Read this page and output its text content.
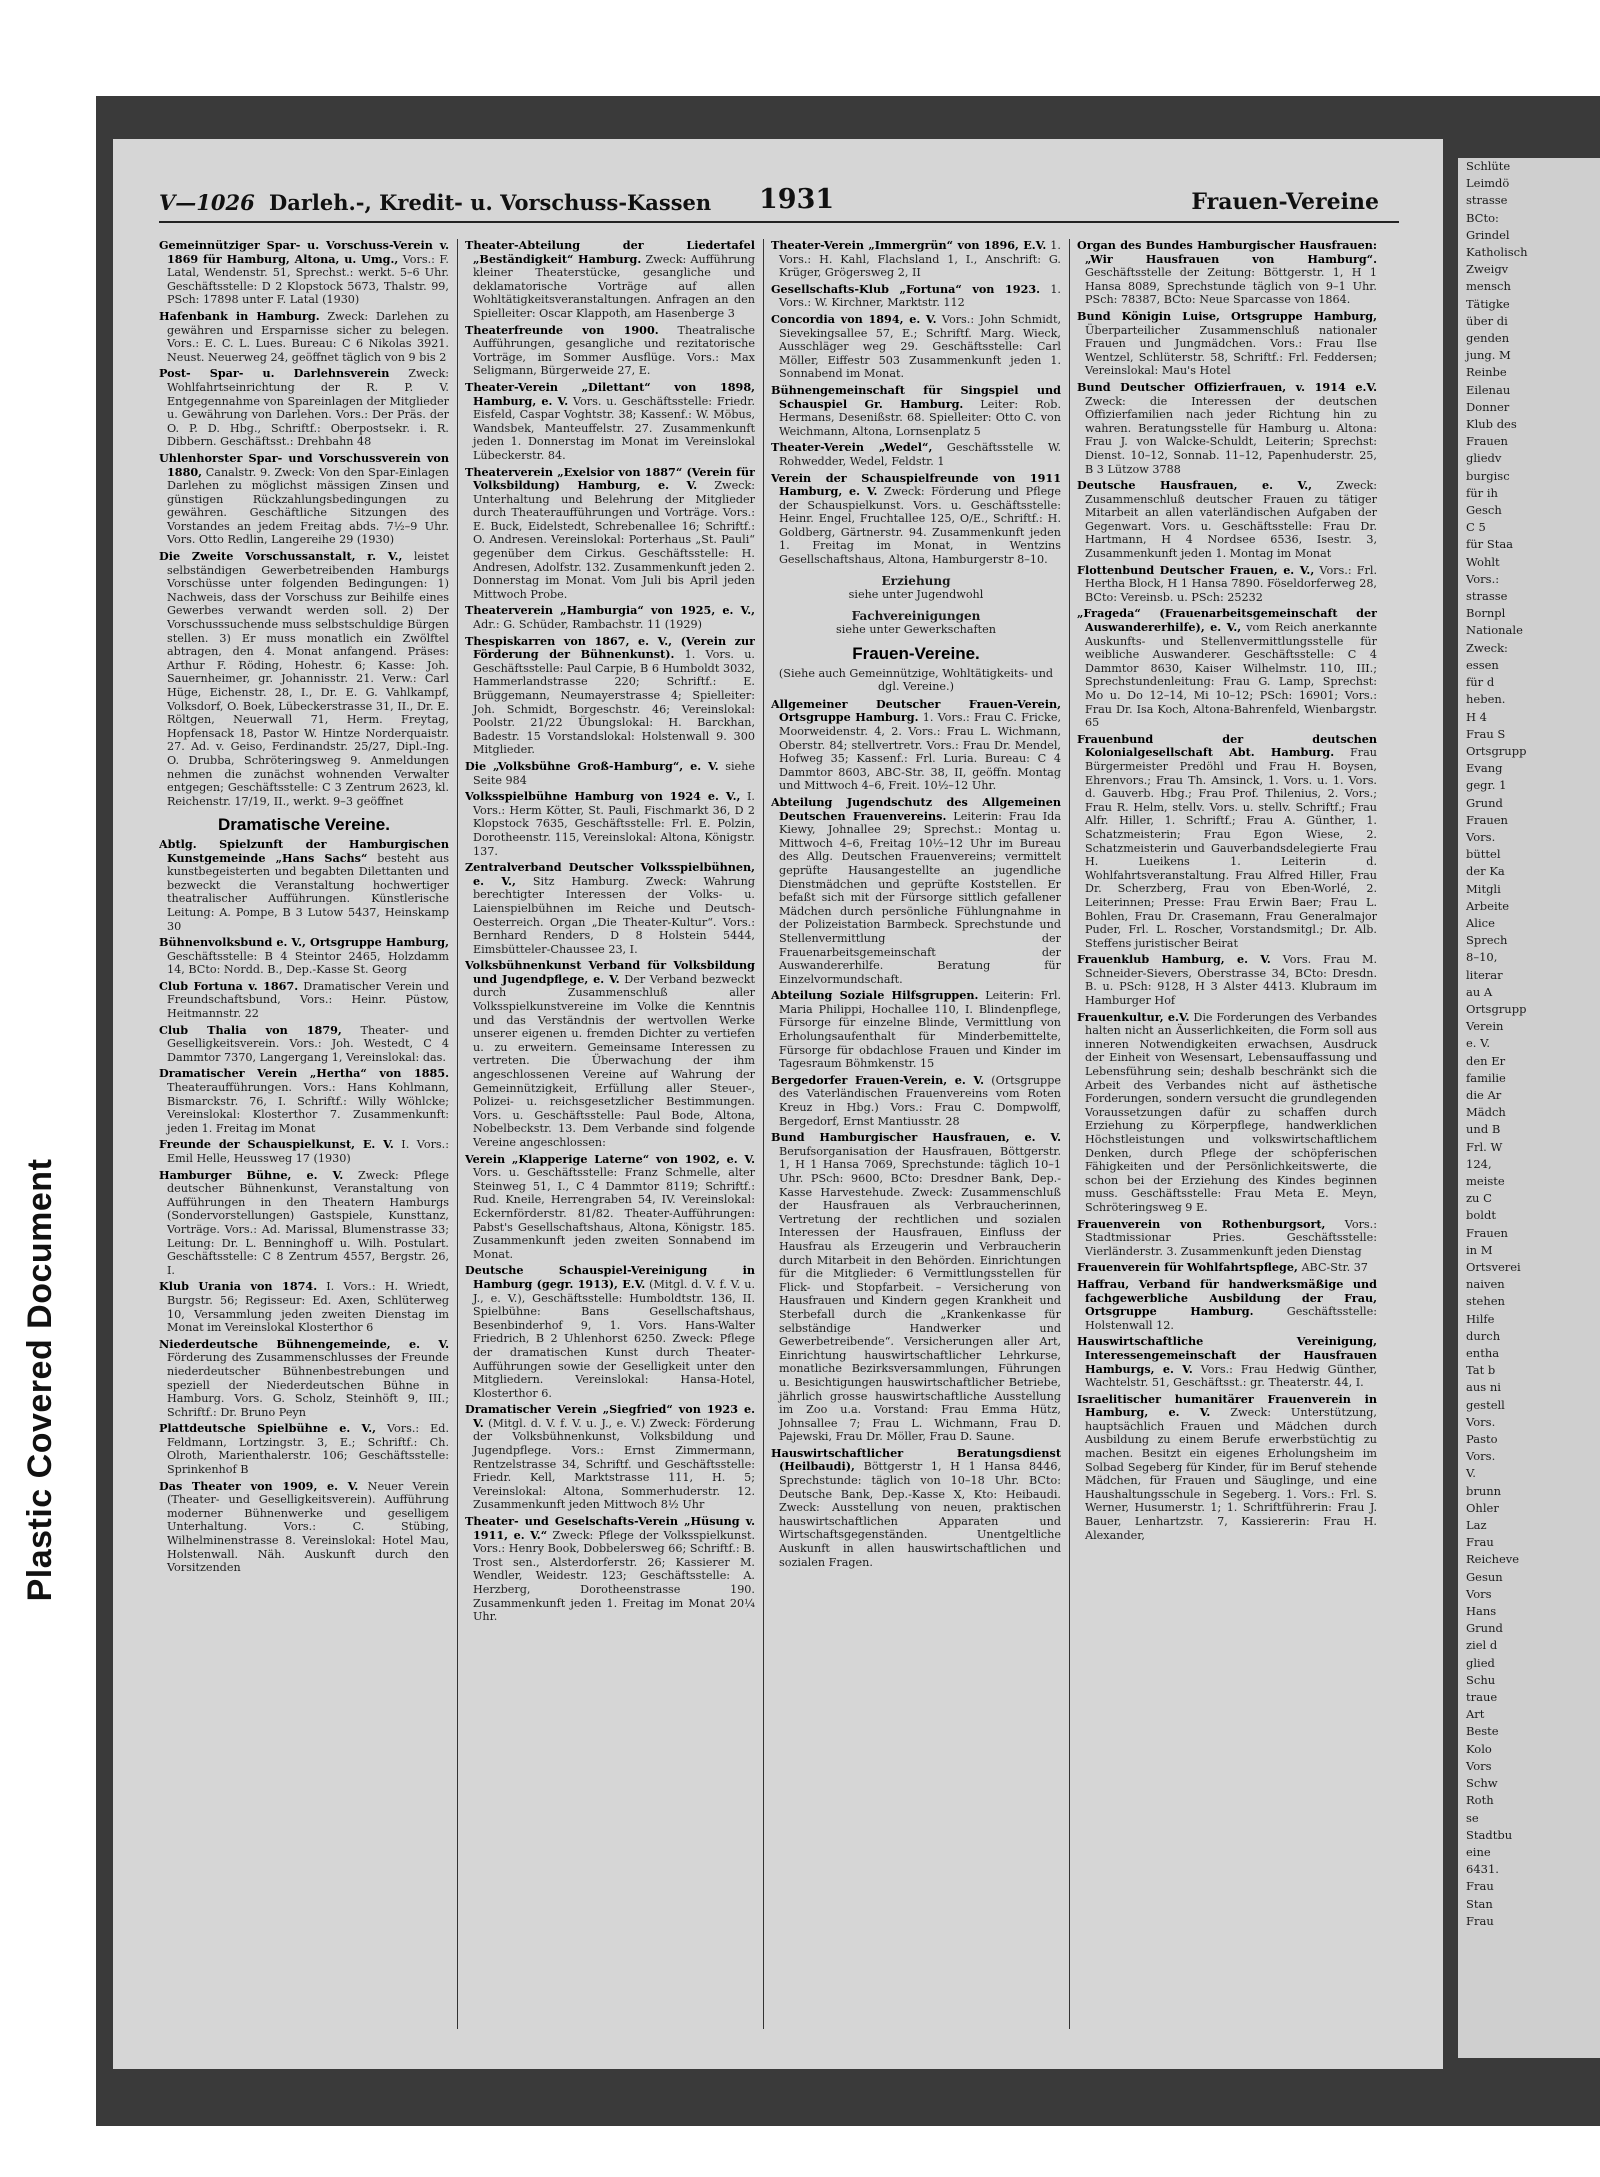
Plastic Covered Document
Schlüte
Leimdö
strasse
BCto:
Grindel
Katholisch
Zweigv
mensch
Tätigke
über di
genden
jung. M
Reinbe
Eilenau
Donner
Klub des
Frauen
gliedv
burgisc
für ih
Gesch
C 5
für Staa
Wohlt
Vors.:
strasse
Bornpl
Nationale
Zweck:
essen
für d
heben.
H 4
Frau S
Ortsgrupp
Evang
gegr. 1
Grund
Frauen
Vors.
büttel
der Ka
Mitgli
Arbeite
Alice
Sprech
8–10,
literar
au A
Ortsgrupp
Verein
e. V.
den Er
familie
die Ar
Mädch
und B
Frl. W
124,
meiste
zu C
boldt
Frauen
in M
Ortsverei
naiven
stehen
Hilfe
durch
entha
Tat b
aus ni
gestell
Vors.
Pasto
Vors.
V.
brunn
Ohler
Laz
Frau
Reicheve
Gesun
Vors
Hans
Grund
ziel d
glied
Schu
traue
Art
Beste
Kolo
Vors
Schw
Roth
se
Stadtbu
eine
6431.
Frau
Stan
Frau
V—1026 Darleh.-, Kredit- u. Vorschuss-Kassen 1931	Frauen-Vereine
Gemeinnütziger Spar- u. Vorschuss-Verein v. 1869 für Hamburg, Altona, u. Umg., Vors.: F. Latal, Wendenstr. 51, Sprechst.: werkt. 5–6 Uhr. Geschäftsstelle: D 2 Klopstock 5673, Thalstr. 99, PSch: 17898 unter F. Latal (1930)
Hafenbank in Hamburg. Zweck: Darlehen zu gewähren und Ersparnisse sicher zu belegen. Vors.: E. C. L. Lues. Bureau: C 6 Nikolas 3921. Neust. Neuerweg 24, geöffnet täglich von 9 bis 2
Post- Spar- u. Darlehnsverein Zweck: Wohlfahrtseinrichtung der R. P. V. Entgegennahme von Spareinlagen der Mitglieder u. Gewährung von Darlehen. Vors.: Der Präs. der O. P. D. Hbg., Schriftf.: Oberpostsekr. i. R. Dibbern. Geschäftsst.: Drehbahn 48
Uhlenhorster Spar- und Vorschussverein von 1880, Canalstr. 9. Zweck: Von den Spar-Einlagen Darlehen zu möglichst mässigen Zinsen und günstigen Rückzahlungsbedingungen zu gewähren. Geschäftliche Sitzungen des Vorstandes an jedem Freitag abds. 7½–9 Uhr. Vors. Otto Redlin, Langereihe 29 (1930)
Die Zweite Vorschussanstalt, r. V., leistet selbständigen Gewerbetreibenden Hamburgs Vorschüsse unter folgenden Bedingungen: 1) Nachweis, dass der Vorschuss zur Beihilfe eines Gewerbes verwandt werden soll. 2) Der Vorschusssuchende muss selbstschuldige Bürgen stellen. 3) Er muss monatlich ein Zwölftel abtragen, den 4. Monat anfangend. Präses: Arthur F. Röding, Hohestr. 6; Kasse: Joh. Sauernheimer, gr. Johannisstr. 21. Verw.: Carl Hüge, Eichenstr. 28, I., Dr. E. G. Vahlkampf, Volksdorf, O. Boek, Lübeckerstrasse 31, II., Dr. E. Röltgen, Neuerwall 71, Herm. Freytag, Hopfensack 18, Pastor W. Hintze Norderquaistr. 27. Ad. v. Geiso, Ferdinandstr. 25/27, Dipl.-Ing. O. Drubba, Schröteringsweg 9. Anmeldungen nehmen die zunächst wohnenden Verwalter entgegen; Geschäftsstelle: C 3 Zentrum 2623, kl. Reichenstr. 17/19, II., werkt. 9–3 geöffnet
Dramatische Vereine.
Abtlg. Spielzunft der Hamburgischen Kunstgemeinde „Hans Sachs“ besteht aus kunstbegeisterten und begabten Dilettanten und bezweckt die Veranstaltung hochwertiger theatralischer Aufführungen. Künstlerische Leitung: A. Pompe, B 3 Lutow 5437, Heinskamp 30
Bühnenvolksbund e. V., Ortsgruppe Hamburg, Geschäftsstelle: B 4 Steintor 2465, Holzdamm 14, BCto: Nordd. B., Dep.-Kasse St. Georg
Club Fortuna v. 1867. Dramatischer Verein und Freundschaftsbund, Vors.: Heinr. Püstow, Heitmannstr. 22
Club Thalia von 1879, Theater- und Geselligkeitsverein. Vors.: Joh. Westedt, C 4 Dammtor 7370, Langergang 1, Vereinslokal: das.
Dramatischer Verein „Hertha“ von 1885. Theateraufführungen. Vors.: Hans Kohlmann, Bismarckstr. 76, I. Schriftf.: Willy Wöhlcke; Vereinslokal: Klosterthor 7. Zusammenkunft: jeden 1. Freitag im Monat
Freunde der Schauspielkunst, E. V. I. Vors.: Emil Helle, Heussweg 17 (1930)
Hamburger Bühne, e. V. Zweck: Pflege deutscher Bühnenkunst, Veranstaltung von Aufführungen in den Theatern Hamburgs (Sondervorstellungen) Gastspiele, Kunsttanz, Vorträge. Vors.: Ad. Marissal, Blumenstrasse 33; Leitung: Dr. L. Benninghoff u. Wilh. Postulart. Geschäftsstelle: C 8 Zentrum 4557, Bergstr. 26, I.
Klub Urania von 1874. I. Vors.: H. Wriedt, Burgstr. 56; Regisseur: Ed. Axen, Schlüterweg 10, Versammlung jeden zweiten Dienstag im Monat im Vereinslokal Klosterthor 6
Niederdeutsche Bühnengemeinde, e. V. Förderung des Zusammenschlusses der Freunde niederdeutscher Bühnenbestrebungen und speziell der Niederdeutschen Bühne in Hamburg. Vors. G. Scholz, Steinhöft 9, III.; Schriftf.: Dr. Bruno Peyn
Plattdeutsche Spielbühne e. V., Vors.: Ed. Feldmann, Lortzingstr. 3, E.; Schriftf.: Ch. Olroth, Marienthalerstr. 106; Geschäftsstelle: Sprinkenhof B
Das Theater von 1909, e. V. Neuer Verein (Theater- und Geselligkeitsverein). Aufführung moderner Bühnenwerke und geselligem Unterhaltung. Vors.: C. Stübing, Wilhelminenstrasse 8. Vereinslokal: Hotel Mau, Holstenwall. Näh. Auskunft durch den Vorsitzenden
Theater-Abteilung der Liedertafel „Beständigkeit“ Hamburg. Zweck: Aufführung kleiner Theaterstücke, gesangliche und deklamatorische Vorträge auf allen Wohltätigkeitsveranstaltungen. Anfragen an den Spielleiter: Oscar Klappoth, am Hasenberge 3
Theaterfreunde von 1900. Theatralische Aufführungen, gesangliche und rezitatorische Vorträge, im Sommer Ausflüge. Vors.: Max Seligmann, Bürgerweide 27, E.
Theater-Verein „Dilettant“ von 1898, Hamburg, e. V. Vors. u. Geschäftsstelle: Friedr. Eisfeld, Caspar Voghtstr. 38; Kassenf.: W. Möbus, Wandsbek, Manteuffelstr. 27. Zusammenkunft jeden 1. Donnerstag im Monat im Vereinslokal Lübeckerstr. 84.
Theaterverein „Exelsior von 1887“ (Verein für Volksbildung) Hamburg, e. V. Zweck: Unterhaltung und Belehrung der Mitglieder durch Theateraufführungen und Vorträge. Vors.: E. Buck, Eidelstedt, Schrebenallee 16; Schriftf.: O. Andresen. Vereinslokal: Porterhaus „St. Pauli“ gegenüber dem Cirkus. Geschäftsstelle: H. Andresen, Adolfstr. 132. Zusammenkunft jeden 2. Donnerstag im Monat. Vom Juli bis April jeden Mittwoch Probe.
Theaterverein „Hamburgia“ von 1925, e. V., Adr.: G. Schüder, Rambachstr. 11 (1929)
Thespiskarren von 1867, e. V., (Verein zur Förderung der Bühnenkunst). 1. Vors. u. Geschäftsstelle: Paul Carpie, B 6 Humboldt 3032, Hammerlandstrasse 220; Schriftf.: E. Brüggemann, Neumayerstrasse 4; Spielleiter: Joh. Schmidt, Borgeschstr. 46; Vereinslokal: Poolstr. 21/22 Übungslokal: H. Barckhan, Badestr. 15 Vorstandslokal: Holstenwall 9. 300 Mitglieder.
Die „Volksbühne Groß-Hamburg“, e. V. siehe Seite 984
Volksspielbühne Hamburg von 1924 e. V., I. Vors.: Herm Kötter, St. Pauli, Fischmarkt 36, D 2 Klopstock 7635, Geschäftsstelle: Frl. E. Polzin, Dorotheenstr. 115, Vereinslokal: Altona, Königstr. 137.
Zentralverband Deutscher Volksspielbühnen, e. V., Sitz Hamburg. Zweck: Wahrung berechtigter Interessen der Volks- u. Laienspielbühnen im Reiche und Deutsch-Oesterreich. Organ „Die Theater-Kultur“. Vors.: Bernhard Renders, D 8 Holstein 5444, Eimsbütteler-Chaussee 23, I.
Volksbühnenkunst Verband für Volksbildung und Jugendpflege, e. V. Der Verband bezweckt durch Zusammenschluß aller Volksspielkunstvereine im Volke die Kenntnis und das Verständnis der wertvollen Werke unserer eigenen u. fremden Dichter zu vertiefen u. zu erweitern. Gemeinsame Interessen zu vertreten. Die Überwachung der ihm angeschlossenen Vereine auf Wahrung der Gemeinnützigkeit, Erfüllung aller Steuer-, Polizei- u. reichsgesetzlicher Bestimmungen. Vors. u. Geschäftsstelle: Paul Bode, Altona, Nobelbeckstr. 13. Dem Verbande sind folgende Vereine angeschlossen:
Verein „Klapperige Laterne“ von 1902, e. V. Vors. u. Geschäftsstelle: Franz Schmelle, alter Steinweg 51, I., C 4 Dammtor 8119; Schriftf.: Rud. Kneile, Herrengraben 54, IV. Vereinslokal: Eckernförderstr. 81/82. Theater-Aufführungen: Pabst's Gesellschaftshaus, Altona, Königstr. 185. Zusammenkunft jeden zweiten Sonnabend im Monat.
Deutsche Schauspiel-Vereinigung in Hamburg (gegr. 1913), E.V. (Mitgl. d. V. f. V. u. J., e. V.), Geschäftsstelle: Humboldtstr. 136, II. Spielbühne: Bans Gesellschaftshaus, Besenbinderhof 9, 1. Vors. Hans-Walter Friedrich, B 2 Uhlenhorst 6250. Zweck: Pflege der dramatischen Kunst durch Theater-Aufführungen sowie der Geselligkeit unter den Mitgliedern. Vereinslokal: Hansa-Hotel, Klosterthor 6.
Dramatischer Verein „Siegfried“ von 1923 e. V. (Mitgl. d. V. f. V. u. J., e. V.) Zweck: Förderung der Volksbühnenkunst, Volksbildung und Jugendpflege. Vors.: Ernst Zimmermann, Rentzelstrasse 34, Schriftf. und Geschäftsstelle: Friedr. Kell, Marktstrasse 111, H. 5; Vereinslokal: Altona, Sommerhuderstr. 12. Zusammenkunft jeden Mittwoch 8½ Uhr
Theater- und Geselschafts-Verein „Hüsung v. 1911, e. V.“ Zweck: Pflege der Volksspielkunst. Vors.: Henry Book, Dobbelersweg 66; Schriftf.: B. Trost sen., Alsterdorferstr. 26; Kassierer M. Wendler, Weidestr. 123; Geschäftsstelle: A. Herzberg, Dorotheenstrasse 190. Zusammenkunft jeden 1. Freitag im Monat 20¼ Uhr.
Theater-Verein „Immergrün“ von 1896, E.V. 1. Vors.: H. Kahl, Flachsland 1, I., Anschrift: G. Krüger, Grögersweg 2, II
Gesellschafts-Klub „Fortuna“ von 1923. 1. Vors.: W. Kirchner, Marktstr. 112
Concordia von 1894, e. V. Vors.: John Schmidt, Sievekingsallee 57, E.; Schriftf. Marg. Wieck, Ausschläger weg 29. Geschäftsstelle: Carl Möller, Eiffestr 503 Zusammenkunft jeden 1. Sonnabend im Monat.
Bühnengemeinschaft für Singspiel und Schauspiel Gr. Hamburg. Leiter: Rob. Hermans, Desenißstr. 68. Spielleiter: Otto C. von Weichmann, Altona, Lornsenplatz 5
Theater-Verein „Wedel“, Geschäftsstelle W. Rohwedder, Wedel, Feldstr. 1
Verein der Schauspielfreunde von 1911 Hamburg, e. V. Zweck: Förderung und Pflege der Schauspielkunst. Vors. u. Geschäftsstelle: Heinr. Engel, Fruchtallee 125, O/E., Schriftf.: H. Goldberg, Gärtnerstr. 94. Zusammenkunft jeden 1. Freitag im Monat, in Wentzins Gesellschaftshaus, Altona, Hamburgerstr 8–10.
Erziehung
siehe unter Jugendwohl
Fachvereinigungen
siehe unter Gewerkschaften
Frauen-Vereine.
(Siehe auch Gemeinnützige, Wohltätigkeits- und dgl. Vereine.)
Allgemeiner Deutscher Frauen-Verein, Ortsgruppe Hamburg. 1. Vors.: Frau C. Fricke, Moorweidenstr. 4, 2. Vors.: Frau L. Wichmann, Oberstr. 84; stellvertretr. Vors.: Frau Dr. Mendel, Hofweg 35; Kassenf.: Frl. Luria. Bureau: C 4 Dammtor 8603, ABC-Str. 38, II, geöffn. Montag und Mittwoch 4–6, Freit. 10½–12 Uhr.
Abteilung Jugendschutz des Allgemeinen Deutschen Frauenvereins. Leiterin: Frau Ida Kiewy, Johnallee 29; Sprechst.: Montag u. Mittwoch 4–6, Freitag 10½–12 Uhr im Bureau des Allg. Deutschen Frauenvereins; vermittelt geprüfte Hausangestellte an jugendliche Dienstmädchen und geprüfte Koststellen. Er befaßt sich mit der Fürsorge sittlich gefallener Mädchen durch persönliche Fühlungnahme in der Polizeistation Barmbeck. Sprechstunde und Stellenvermittlung der Frauenarbeitsgemeinschaft der Auswandererhilfe. Beratung für Einzelvormundschaft.
Abteilung Soziale Hilfsgruppen. Leiterin: Frl. Maria Philippi, Hochallee 110, I. Blindenpflege, Fürsorge für einzelne Blinde, Vermittlung von Erholungsaufenthalt für Minderbemittelte, Fürsorge für obdachlose Frauen und Kinder im Tagesraum Böhmkenstr. 15
Bergedorfer Frauen-Verein, e. V. (Ortsgruppe des Vaterländischen Frauenvereins vom Roten Kreuz in Hbg.) Vors.: Frau C. Dompwolff, Bergedorf, Ernst Mantiusstr. 28
Bund Hamburgischer Hausfrauen, e. V. Berufsorganisation der Hausfrauen, Böttgerstr. 1, H 1 Hansa 7069, Sprechstunde: täglich 10–1 Uhr. PSch: 9600, BCto: Dresdner Bank, Dep.-Kasse Harvestehude. Zweck: Zusammenschluß der Hausfrauen als Verbraucherinnen, Vertretung der rechtlichen und sozialen Interessen der Hausfrauen, Einfluss der Hausfrau als Erzeugerin und Verbraucherin durch Mitarbeit in den Behörden. Einrichtungen für die Mitglieder: 6 Vermittlungsstellen für Flick- und Stopfarbeit. – Versicherung von Hausfrauen und Kindern gegen Krankheit und Sterbefall durch die „Krankenkasse für selbständige Handwerker und Gewerbetreibende“. Versicherungen aller Art, Einrichtung hauswirtschaftlicher Lehrkurse, monatliche Bezirksversammlungen, Führungen u. Besichtigungen hauswirtschaftlicher Betriebe, jährlich grosse hauswirtschaftliche Ausstellung im Zoo u.a. Vorstand: Frau Emma Hütz, Johnsallee 7; Frau L. Wichmann, Frau D. Pajewski, Frau Dr. Möller, Frau D. Saune.
Hauswirtschaftlicher Beratungsdienst (Heilbaudi), Böttgerstr 1, H 1 Hansa 8446, Sprechstunde: täglich von 10–18 Uhr. BCto: Deutsche Bank, Dep.-Kasse X, Kto: Heibaudi. Zweck: Ausstellung von neuen, praktischen hauswirtschaftlichen Apparaten und Wirtschaftsgegenständen. Unentgeltliche Auskunft in allen hauswirtschaftlichen und sozialen Fragen.
Organ des Bundes Hamburgischer Hausfrauen: „Wir Hausfrauen von Hamburg“. Geschäftsstelle der Zeitung: Böttgerstr. 1, H 1 Hansa 8089, Sprechstunde täglich von 9–1 Uhr. PSch: 78387, BCto: Neue Sparcasse von 1864.
Bund Königin Luise, Ortsgruppe Hamburg, Überparteilicher Zusammenschluß nationaler Frauen und Jungmädchen. Vors.: Frau Ilse Wentzel, Schlüterstr. 58, Schriftf.: Frl. Feddersen; Vereinslokal: Mau's Hotel
Bund Deutscher Offizierfrauen, v. 1914 e.V. Zweck: die Interessen der deutschen Offizierfamilien nach jeder Richtung hin zu wahren. Beratungsstelle für Hamburg u. Altona: Frau J. von Walcke-Schuldt, Leiterin; Sprechst: Dienst. 10–12, Sonnab. 11–12, Papenhuderstr. 25, B 3 Lützow 3788
Deutsche Hausfrauen, e. V., Zweck: Zusammenschluß deutscher Frauen zu tätiger Mitarbeit an allen vaterländischen Aufgaben der Gegenwart. Vors. u. Geschäftsstelle: Frau Dr. Hartmann, H 4 Nordsee 6536, Isestr. 3, Zusammenkunft jeden 1. Montag im Monat
Flottenbund Deutscher Frauen, e. V., Vors.: Frl. Hertha Block, H 1 Hansa 7890. Föseldorferweg 28, BCto: Vereinsb. u. PSch: 25232
„Frageda“ (Frauenarbeitsgemeinschaft der Auswandererhilfe), e. V., vom Reich anerkannte Auskunfts- und Stellenvermittlungsstelle für weibliche Auswanderer. Geschäftsstelle: C 4 Dammtor 8630, Kaiser Wilhelmstr. 110, III.; Sprechstundenleitung: Frau G. Lamp, Sprechst: Mo u. Do 12–14, Mi 10–12; PSch: 16901; Vors.: Frau Dr. Isa Koch, Altona-Bahrenfeld, Wienbargstr. 65
Frauenbund der deutschen Kolonialgesellschaft Abt. Hamburg. Frau Bürgermeister Predöhl und Frau H. Boysen, Ehrenvors.; Frau Th. Amsinck, 1. Vors. u. 1. Vors. d. Gauverb. Hbg.; Frau Prof. Thilenius, 2. Vors.; Frau R. Helm, stellv. Vors. u. stellv. Schriftf.; Frau Alfr. Hiller, 1. Schriftf.; Frau A. Günther, 1. Schatzmeisterin; Frau Egon Wiese, 2. Schatzmeisterin und Gauverbandsdelegierte Frau H. Lueikens 1. Leiterin d. Wohlfahrtsveranstaltung. Frau Alfred Hiller, Frau Dr. Scherzberg, Frau von Eben-Worlé, 2. Leiterinnen; Presse: Frau Erwin Baer; Frau L. Bohlen, Frau Dr. Crasemann, Frau Generalmajor Puder, Frl. L. Roscher, Vorstandsmitgl.; Dr. Alb. Steffens juristischer Beirat
Frauenklub Hamburg, e. V. Vors. Frau M. Schneider-Sievers, Oberstrasse 34, BCto: Dresdn. B. u. PSch: 9128, H 3 Alster 4413. Klubraum im Hamburger Hof
Frauenkultur, e.V. Die Forderungen des Verbandes halten nicht an Äusserlichkeiten, die Form soll aus inneren Notwendigkeiten erwachsen, Ausdruck der Einheit von Wesensart, Lebensauffassung und Lebensführung sein; deshalb beschränkt sich die Arbeit des Verbandes nicht auf ästhetische Forderungen, sondern versucht die grundlegenden Voraussetzungen dafür zu schaffen durch Erziehung zu Körperpflege, handwerklichen Höchstleistungen und volkswirtschaftlichem Denken, durch Pflege der schöpferischen Fähigkeiten und der Persönlichkeitswerte, die schon bei der Erziehung des Kindes beginnen muss. Geschäftsstelle: Frau Meta E. Meyn, Schröteringsweg 9 E.
Frauenverein von Rothenburgsort, Vors.: Stadtmissionar Pries. Geschäftsstelle: Vierländerstr. 3. Zusammenkunft jeden Dienstag
Frauenverein für Wohlfahrtspflege, ABC-Str. 37
Haffrau, Verband für handwerksmäßige und fachgewerbliche Ausbildung der Frau, Ortsgruppe Hamburg.	Geschäftsstelle: Holstenwall 12.
Hauswirtschaftliche Vereinigung, Interessengemeinschaft der Hausfrauen Hamburgs, e. V. Vors.: Frau Hedwig Günther, Wachtelstr. 51, Geschäftsst.: gr. Theaterstr. 44, I.
Israelitischer humanitärer Frauenverein in Hamburg, e. V. Zweck: Unterstützung, hauptsächlich Frauen und Mädchen durch Ausbildung zu einem Berufe erwerbstüchtig zu machen. Besitzt ein eigenes Erholungsheim im Solbad Segeberg für Kinder, für im Beruf stehende Mädchen, für Frauen und Säuglinge, und eine Haushaltungsschule in Segeberg. 1. Vors.: Frl. S. Werner, Husumerstr. 1; 1. Schriftführerin: Frau J. Bauer, Lenhartzstr. 7, Kassiererin: Frau H. Alexander,
